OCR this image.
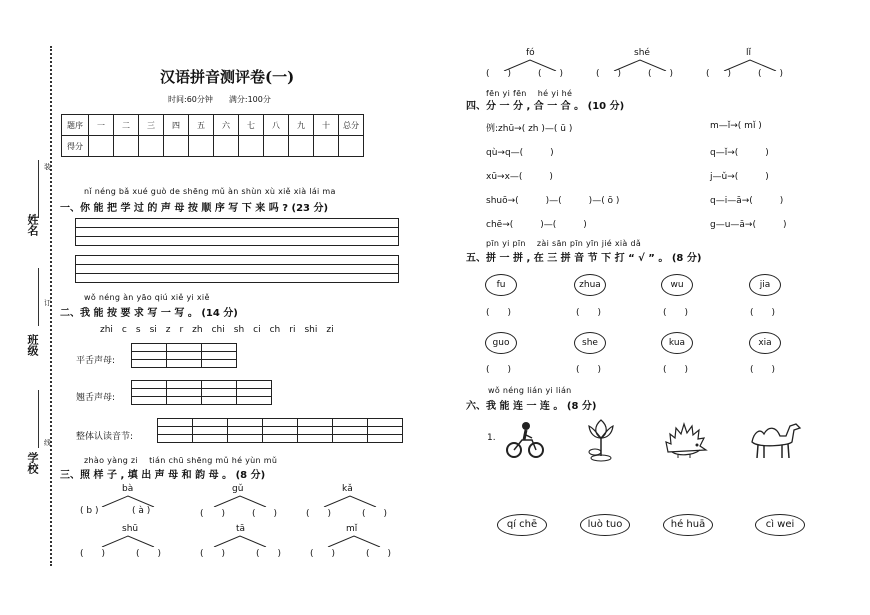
装
订
线
姓名
班级
学校
汉语拼音测评卷(一)
时间:60分钟　　满分:100分
题序	一	二	三	四	五	六	七	八	九	十	总分
得分											
nǐ néng bǎ xué guò de shēng mǔ àn shùn xù xiě xià lái ma
一、你 能 把 学 过 的 声 母 按 顺 序 写 下 来 吗 ? (23 分)
wǒ néng àn yāo qiú xiě yi xiě
二、我 能 按 要 求 写 一 写 。 (14 分)
zhi　c　s　si　z　r　zh　chi　sh　ci　ch　ri　shi　zi
平舌声母:

翘舌声母:

整体认读音节:

zhào yàng zi　 tián chū shēng mǔ hé yùn mǔ
三、照 样 子 , 填 出 声 母 和 韵 母 。 (8 分)
bà
( b )	( à )
gǔ
(　　)	(　　)
kǎ
(　　)	(　　)
shū
(　　)	(　　)
tā
(　　)	(　　)
mǐ
(　　)	(　　)
fó
(　　)	(　　)
shé
(　　)	(　　)
lǐ
(　　)	(　　)
fēn yi fēn　 hé yi hé
四、分 一 分 , 合 一 合 。 (10 分)
例:zhū→( zh )—( ū )
qù→q—(　　　)
xū→x—(　　　)
shuō→(　　　)—(　　　)—( ō )
chē→(　　　)—(　　　)
m—ǐ→( mǐ )
q—ǐ→(　　　)
j—ǔ→(　　　)
q—i—ā→(　　　)
g—u—ā→(　　　)
pīn yi pīn　 zài sān pīn yīn jié xià dǎ
五、拼 一 拼 , 在 三 拼 音 节 下 打 “ √ ” 。 (8 分)
fu	zhua	wu	jia
(　　)	(　　)	(　　)	(　　)
guo	she	kua	xia
(　　)	(　　)	(　　)	(　　)
wǒ néng lián yi lián
六、我 能 连 一 连 。 (8 分)
1.
qí chē	luò tuo	hé huā	cì wei
